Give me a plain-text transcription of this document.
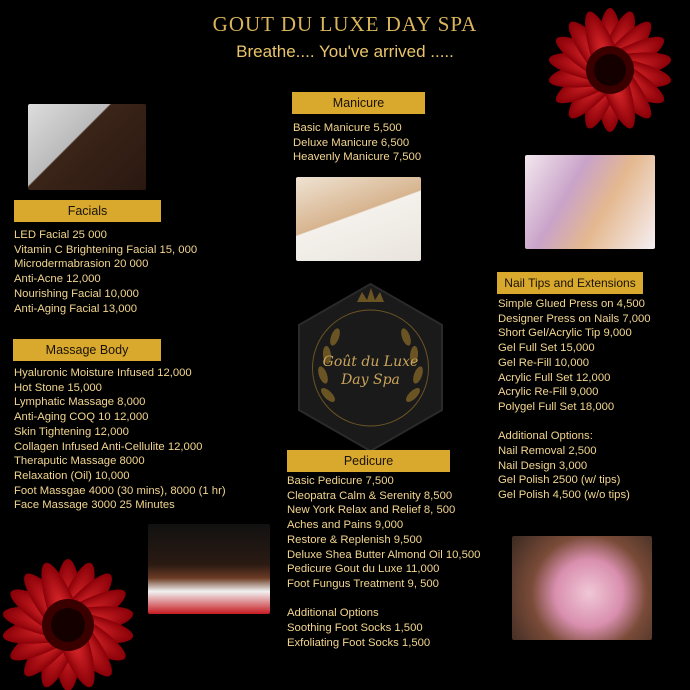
GOUT DU LUXE DAY SPA
Breathe.... You've arrived .....
Goût du Luxe
Day Spa
Facials
LED Facial 25 000
Vitamin C Brightening Facial 15, 000
Microdermabrasion 20 000
Anti-Acne 12,000
Nourishing Facial 10,000
Anti-Aging Facial 13,000
Massage Body
Hyaluronic Moisture Infused 12,000
Hot Stone 15,000
Lymphatic Massage 8,000
Anti-Aging COQ 10 12,000
Skin Tightening 12,000
Collagen Infused Anti-Cellulite 12,000
Theraputic Massage 8000
Relaxation (Oil) 10,000
Foot Massgae 4000 (30 mins), 8000 (1 hr)
Face Massage 3000 25 Minutes
Manicure
Basic Manicure 5,500
Deluxe Manicure 6,500
Heavenly Manicure 7,500
Pedicure
Basic Pedicure 7,500
Cleopatra Calm & Serenity 8,500
New York Relax and Relief 8, 500
Aches and Pains 9,000
Restore & Replenish 9,500
Deluxe Shea Butter Almond Oil 10,500
Pedicure Gout du Luxe 11,000
Foot Fungus Treatment 9, 500
Additional Options
Soothing Foot Socks 1,500
Exfoliating Foot Socks 1,500
Nail Tips and Extensions
Simple Glued Press on 4,500
Designer Press on Nails 7,000
Short Gel/Acrylic Tip 9,000
Gel Full Set 15,000
Gel Re-Fill 10,000
Acrylic Full Set 12,000
Acrylic Re-Fill 9,000
Polygel Full Set 18,000
Additional Options:
Nail Removal 2,500
Nail Design 3,000
Gel Polish 2500 (w/ tips)
Gel Polish 4,500 (w/o tips)
